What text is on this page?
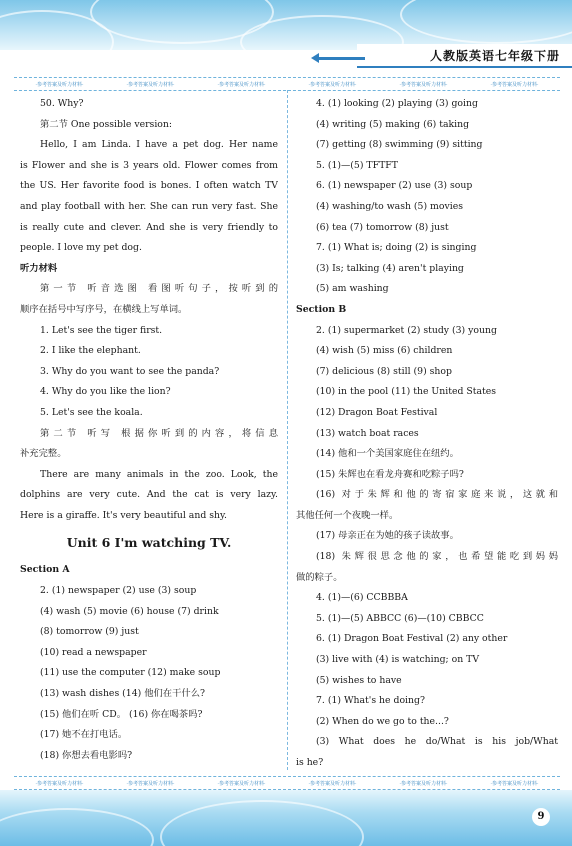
人教版英语七年级下册
·参考答案及听力材料·	·参考答案及听力材料·	·参考答案及听力材料·	·参考答案及听力材料·	·参考答案及听力材料·	·参考答案及听力材料·
50. Why?
第二节 One possible version:
Hello, I am Linda. I have a pet dog. Her name
is Flower and she is 3 years old. Flower comes from
the US. Her favorite food is bones. I often watch TV
and play football with her. She can run very fast. She
is really cute and clever. And she is very friendly to
people. I love my pet dog.
听力材料
第一节 听音选图 看图听句子，按听到的
顺序在括号中写序号，在横线上写单词。
1. Let's see the tiger first.
2. I like the elephant.
3. Why do you want to see the panda?
4. Why do you like the lion?
5. Let's see the koala.
第二节 听写 根据你听到的内容，将信息
补充完整。
There are many animals in the zoo. Look, the
dolphins are very cute. And the cat is very lazy.
Here is a giraffe. It's very beautiful and shy.
Unit 6 I'm watching TV.
Section A
2. (1) newspaper (2) use (3) soup
(4) wash (5) movie (6) house (7) drink
(8) tomorrow (9) just
(10) read a newspaper
(11) use the computer (12) make soup
(13) wash dishes (14) 他们在干什么?
(15) 他们在听 CD。 (16) 你在喝茶吗?
(17) 她不在打电话。
(18) 你想去看电影吗?
4. (1) looking (2) playing (3) going
(4) writing (5) making (6) taking
(7) getting (8) swimming (9) sitting
5. (1)—(5) TFTFT
6. (1) newspaper (2) use (3) soup
(4) washing/to wash (5) movies
(6) tea (7) tomorrow (8) just
7. (1) What is; doing (2) is singing
(3) Is; talking (4) aren't playing
(5) am washing
Section B
2. (1) supermarket (2) study (3) young
(4) wish (5) miss (6) children
(7) delicious (8) still (9) shop
(10) in the pool (11) the United States
(12) Dragon Boat Festival
(13) watch boat races
(14) 他和一个美国家庭住在纽约。
(15) 朱辉也在看龙舟赛和吃粽子吗?
(16) 对于朱辉和他的寄宿家庭来说，这就和
其他任何一个夜晚一样。
(17) 母亲正在为她的孩子读故事。
(18) 朱辉很思念他的家，也希望能吃到妈妈
做的粽子。
4. (1)—(6) CCBBBA
5. (1)—(5) ABBCC (6)—(10) CBBCC
6. (1) Dragon Boat Festival (2) any other
(3) live with (4) is watching; on TV
(5) wishes to have
7. (1) What's he doing?
(2) When do we go to the...?
(3) What does he do/What is his job/What
is he?
·参考答案及听力材料·	·参考答案及听力材料·	·参考答案及听力材料·	·参考答案及听力材料·	·参考答案及听力材料·	·参考答案及听力材料·
9
